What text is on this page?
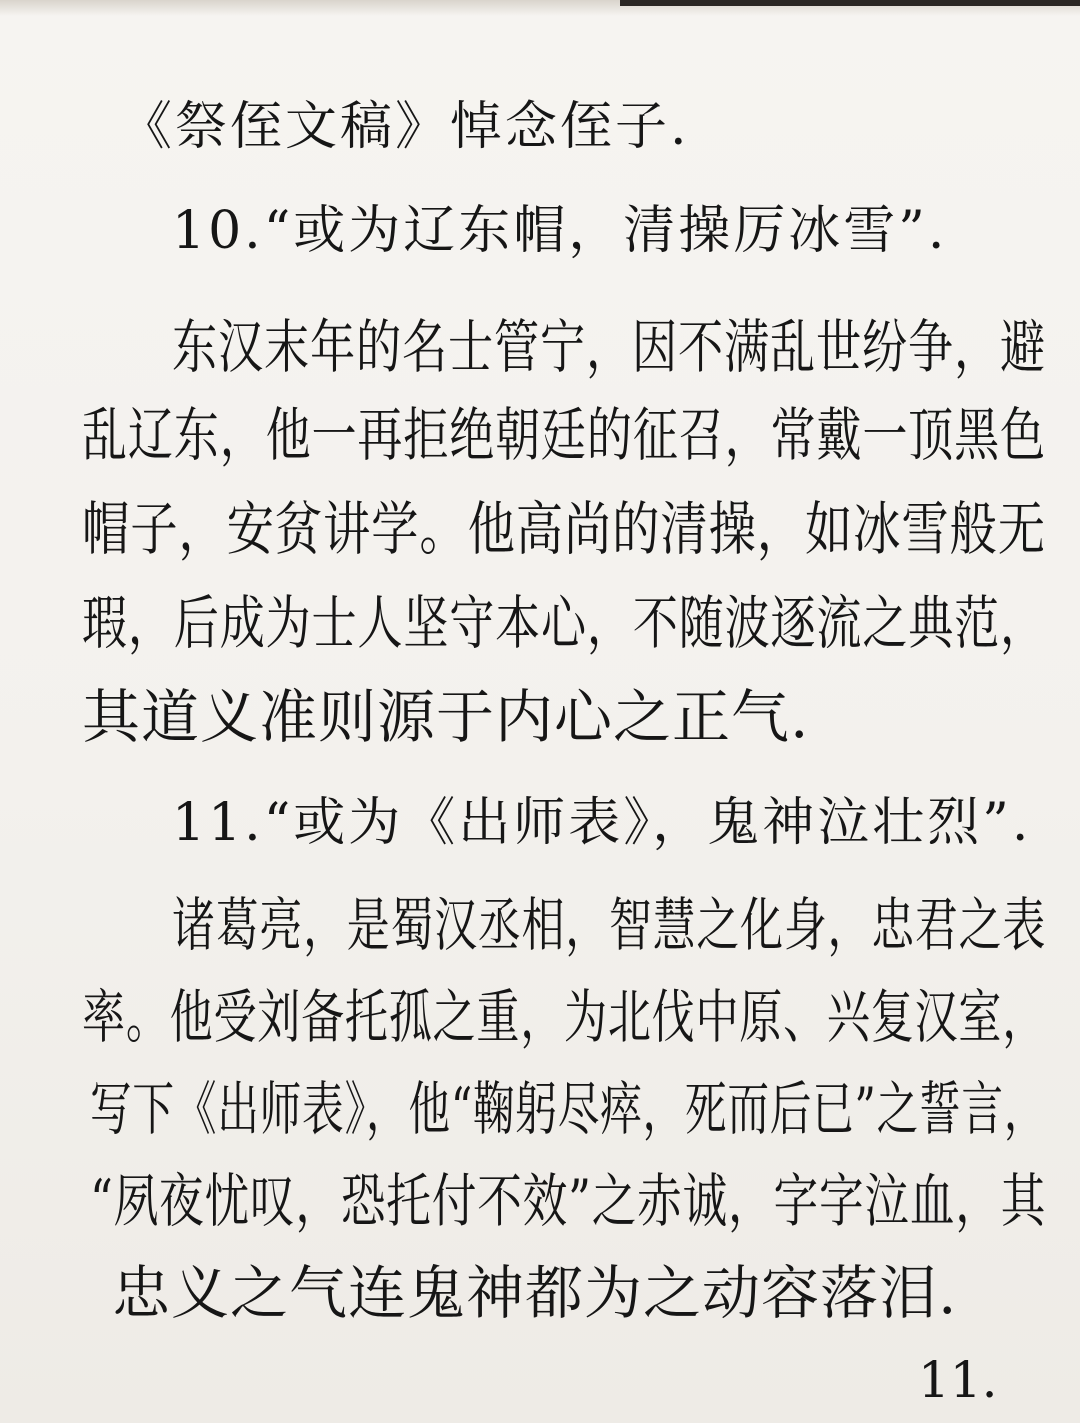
《祭侄文稿》悼念侄子.
10.“或为辽东帽，清操厉冰雪”.
东汉末年的名士管宁，因不满乱世纷争，避
乱辽东，他一再拒绝朝廷的征召，常戴一顶黑色
帽子，安贫讲学。他高尚的清操，如冰雪般无
瑕，后成为士人坚守本心，不随波逐流之典范，
其道义准则源于内心之正气.
11.“或为《出师表》，鬼神泣壮烈”.
诸葛亮，是蜀汉丞相，智慧之化身，忠君之表
率。他受刘备托孤之重，为北伐中原、兴复汉室，
写下《出师表》，他“鞠躬尽瘁，死而后已”之誓言，
“夙夜忧叹，恐托付不效”之赤诚，字字泣血，其
忠义之气连鬼神都为之动容落泪.
11.
